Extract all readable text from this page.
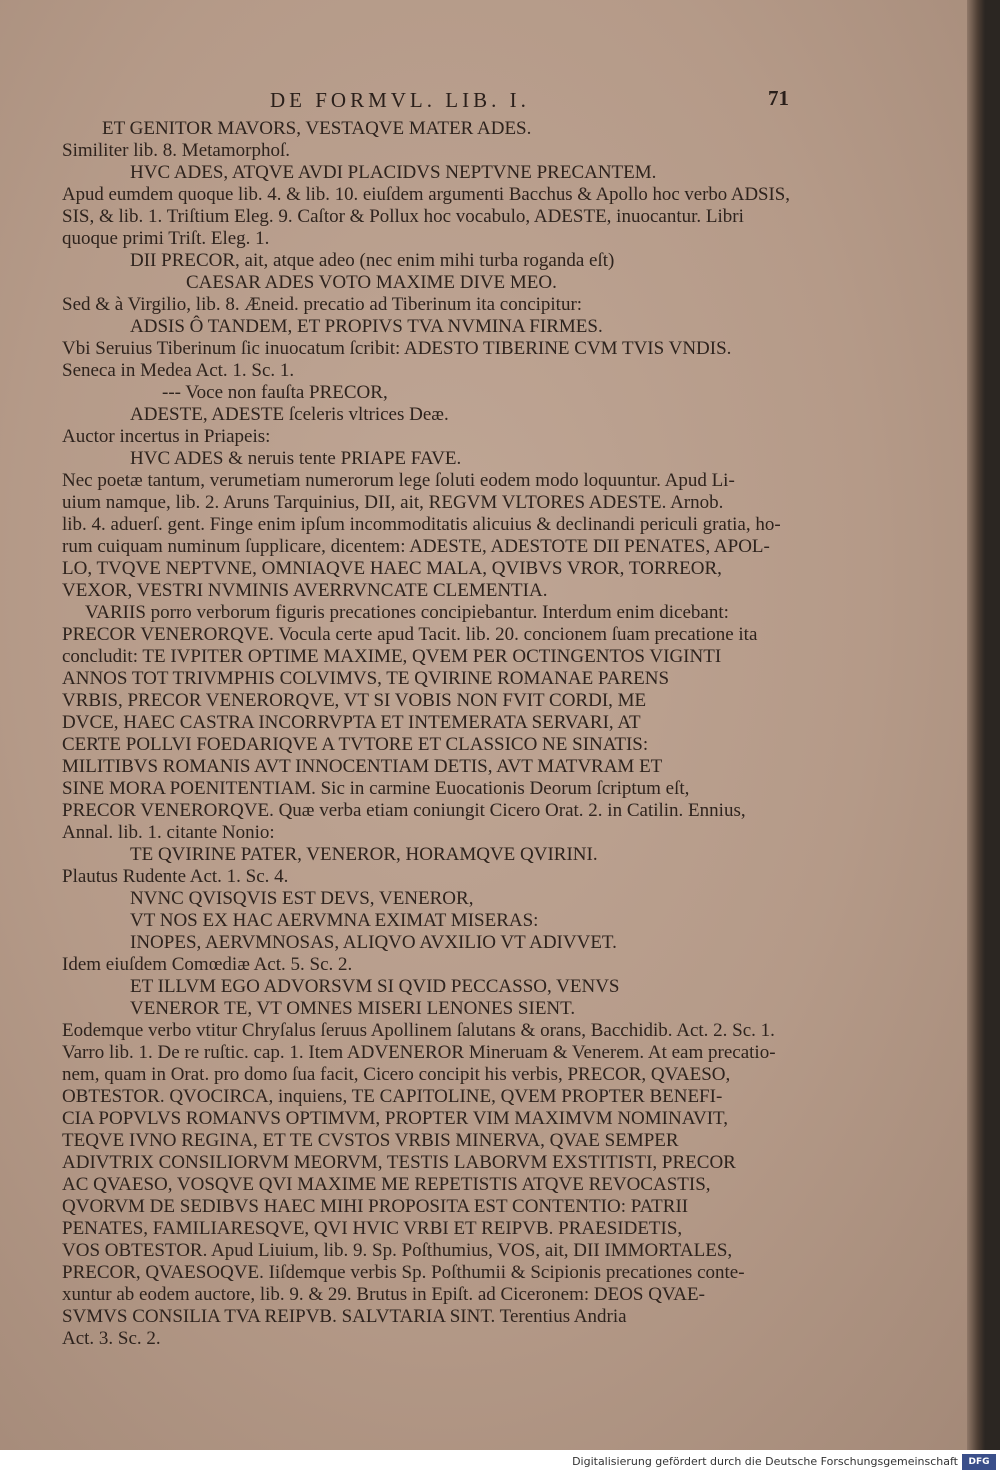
DE FORMVL. LIB. I.	71
ET GENITOR MAVORS, VESTAQVE MATER ADES.
Similiter lib. 8. Metamorphoſ.
HVC ADES, ATQVE AVDI PLACIDVS NEPTVNE PRECANTEM.
Apud eumdem quoque lib. 4. & lib. 10. eiuſdem argumenti Bacchus & Apollo hoc verbo ADSIS,
SIS, & lib. 1. Triſtium Eleg. 9. Caſtor & Pollux hoc vocabulo, ADESTE, inuocantur. Libri
quoque primi Triſt. Eleg. 1.
DII PRECOR, ait, atque adeo (nec enim mihi turba roganda eſt)
CAESAR ADES VOTO MAXIME DIVE MEO.
Sed & à Virgilio, lib. 8. Æneid. precatio ad Tiberinum ita concipitur:
ADSIS Ô TANDEM, ET PROPIVS TVA NVMINA FIRMES.
Vbi Seruius Tiberinum ſic inuocatum ſcribit: ADESTO TIBERINE CVM TVIS VNDIS.
Seneca in Medea Act. 1. Sc. 1.
--- Voce non fauſta PRECOR,
ADESTE, ADESTE ſceleris vltrices Deæ.
Auctor incertus in Priapeis:
HVC ADES & neruis tente PRIAPE FAVE.
Nec poetæ tantum, verumetiam numerorum lege ſoluti eodem modo loquuntur. Apud Li-
uium namque, lib. 2. Aruns Tarquinius, DII, ait, REGVM VLTORES ADESTE. Arnob.
lib. 4. aduerſ. gent. Finge enim ipſum incommoditatis alicuius & declinandi periculi gratia, ho-
rum cuiquam numinum ſupplicare, dicentem: ADESTE, ADESTOTE DII PENATES, APOL-
LO, TVQVE NEPTVNE, OMNIAQVE HAEC MALA, QVIBVS VROR, TORREOR,
VEXOR, VESTRI NVMINIS AVERRVNCATE CLEMENTIA.
VARIIS porro verborum figuris precationes concipiebantur. Interdum enim dicebant:
PRECOR VENERORQVE. Vocula certe apud Tacit. lib. 20. concionem ſuam precatione ita
concludit: TE IVPITER OPTIME MAXIME, QVEM PER OCTINGENTOS VIGINTI
ANNOS TOT TRIVMPHIS COLVIMVS, TE QVIRINE ROMANAE PARENS
VRBIS, PRECOR VENERORQVE, VT SI VOBIS NON FVIT CORDI, ME
DVCE, HAEC CASTRA INCORRVPTA ET INTEMERATA SERVARI, AT
CERTE POLLVI FOEDARIQVE A TVTORE ET CLASSICO NE SINATIS:
MILITIBVS ROMANIS AVT INNOCENTIAM DETIS, AVT MATVRAM ET
SINE MORA POENITENTIAM. Sic in carmine Euocationis Deorum ſcriptum eſt,
PRECOR VENERORQVE. Quæ verba etiam coniungit Cicero Orat. 2. in Catilin. Ennius,
Annal. lib. 1. citante Nonio:
TE QVIRINE PATER, VENEROR, HORAMQVE QVIRINI.
Plautus Rudente Act. 1. Sc. 4.
NVNC QVISQVIS EST DEVS, VENEROR,
VT NOS EX HAC AERVMNA EXIMAT MISERAS:
INOPES, AERVMNOSAS, ALIQVO AVXILIO VT ADIVVET.
Idem eiuſdem Comœdiæ Act. 5. Sc. 2.
ET ILLVM EGO ADVORSVM SI QVID PECCASSO, VENVS
VENEROR TE, VT OMNES MISERI LENONES SIENT.
Eodemque verbo vtitur Chryſalus ſeruus Apollinem ſalutans & orans, Bacchidib. Act. 2. Sc. 1.
Varro lib. 1. De re ruſtic. cap. 1. Item ADVENEROR Mineruam & Venerem. At eam precatio-
nem, quam in Orat. pro domo ſua facit, Cicero concipit his verbis, PRECOR, QVAESO,
OBTESTOR. QVOCIRCA, inquiens, TE CAPITOLINE, QVEM PROPTER BENEFI-
CIA POPVLVS ROMANVS OPTIMVM, PROPTER VIM MAXIMVM NOMINAVIT,
TEQVE IVNO REGINA, ET TE CVSTOS VRBIS MINERVA, QVAE SEMPER
ADIVTRIX CONSILIORVM MEORVM, TESTIS LABORVM EXSTITISTI, PRECOR
AC QVAESO, VOSQVE QVI MAXIME ME REPETISTIS ATQVE REVOCASTIS,
QVORVM DE SEDIBVS HAEC MIHI PROPOSITA EST CONTENTIO: PATRII
PENATES, FAMILIARESQVE, QVI HVIC VRBI ET REIPVB. PRAESIDETIS,
VOS OBTESTOR. Apud Liuium, lib. 9. Sp. Poſthumius, VOS, ait, DII IMMORTALES,
PRECOR, QVAESOQVE. Iiſdemque verbis Sp. Poſthumii & Scipionis precationes conte-
xuntur ab eodem auctore, lib. 9. & 29. Brutus in Epiſt. ad Ciceronem: DEOS QVAE-
SVMVS CONSILIA TVA REIPVB. SALVTARIA SINT. Terentius Andria
Act. 3. Sc. 2.
Digitalisierung gefördert durch die Deutsche Forschungsgemeinschaft	DFG
